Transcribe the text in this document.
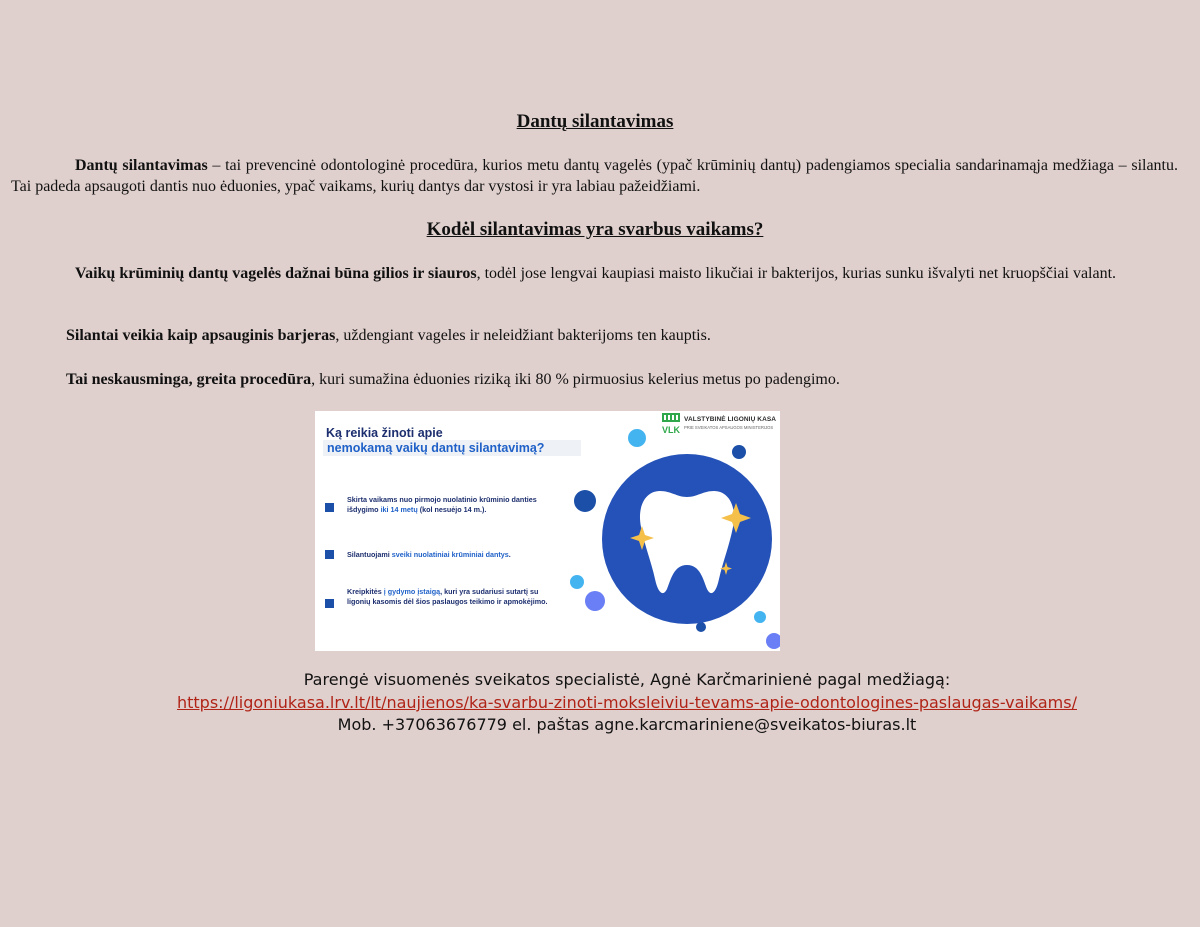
Dantų silantavimas

Dantų silantavimas – tai prevencinė odontologinė procedūra, kurios metu dantų vagelės (ypač krūminių dantų) padengiamos specialia sandarinamąja medžiaga – silantu. Tai padeda apsaugoti dantis nuo ėduonies, ypač vaikams, kurių dantys dar vystosi ir yra labiau pažeidžiami.

Kodėl silantavimas yra svarbus vaikams?

Vaikų krūminių dantų vagelės dažnai būna gilios ir siauros, todėl jose lengvai kaupiasi maisto likučiai ir bakterijos, kurias sunku išvalyti net kruopščiai valant.

Silantai veikia kaip apsauginis barjeras, uždengiant vageles ir neleidžiant bakterijoms ten kauptis.

Tai neskausminga, greita procedūra, kuri sumažina ėduonies riziką iki 80 % pirmuosius kelerius metus po padengimo.

VLK
VALSTYBINĖ LIGONIŲ KASA
PRIE SVEIKATOS APSAUGOS MINISTERIJOS
Ką reikia žinoti apie
nemokamą vaikų dantų silantavimą?
Skirta vaikams nuo pirmojo nuolatinio krūminio danties išdygimo iki 14 metų (kol nesuėjo 14 m.).
Silantuojami sveiki nuolatiniai krūminiai dantys.
Kreipkitės į gydymo įstaigą, kuri yra sudariusi sutartį su ligonių kasomis dėl šios paslaugos teikimo ir apmokėjimo.

Parengė visuomenės sveikatos specialistė, Agnė Karčmarinienė pagal medžiagą:

https://ligoniukasa.lrv.lt/lt/naujienos/ka-svarbu-zinoti-moksleiviu-tevams-apie-odontologines-paslaugas-vaikams/

Mob. +37063676779 el. paštas agne.karcmariniene@sveikatos-biuras.lt
